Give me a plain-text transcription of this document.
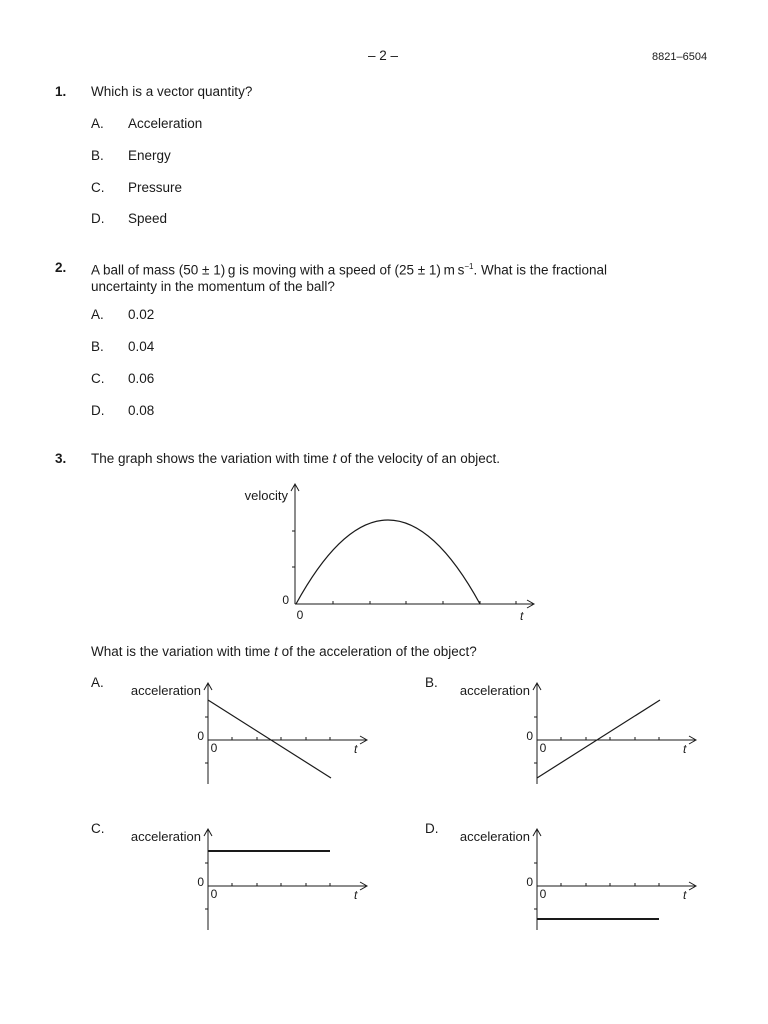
– 2 –	8821–6504
1. Which is a vector quantity?
A. Acceleration
B. Energy
C. Pressure
D. Speed
2. A ball of mass (50 ± 1) g is moving with a speed of (25 ± 1) m $s^{-1}$. What is the fractional
uncertainty in the momentum of the ball?
A. 0.02
B. 0.04
C. 0.06
D. 0.08
3. The graph shows the variation with time t of the velocity of an object.
velocity
0
0	t
What is the variation with time t of the acceleration of the object?
A.	B.
C.	D.
acceleration
0
0	t
acceleration
0
0	t
acceleration
0
0	t
acceleration
0
0	t
